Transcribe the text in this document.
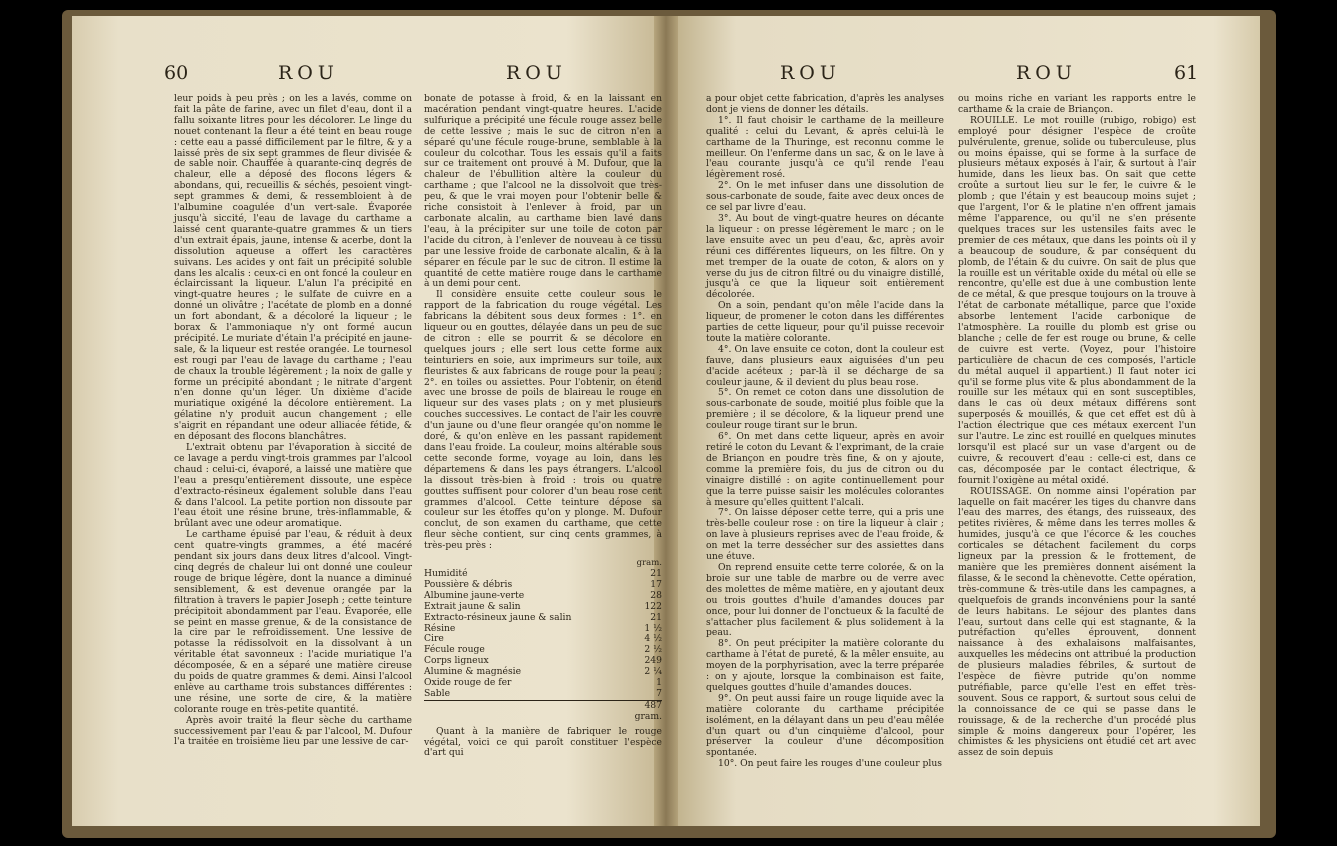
60	ROU	ROU

leur poids à peu près ; on les a lavés, comme on fait la pâte de farine, avec un filet d'eau, dont il a fallu soixante litres pour les décolorer. Le linge du nouet contenant la fleur a été teint en beau rouge : cette eau a passé difficilement par le filtre, & y a laissé près de six sept grammes de fleur divisée & de sable noir. Chauffée à quarante-cinq degrés de chaleur, elle a déposé des flocons légers & abondans, qui, recueillis & séchés, pesoient vingt-sept grammes & demi, & ressembloient à de l'albumine coagulée d'un vert-sale. Évaporée jusqu'à siccité, l'eau de lavage du carthame a laissé cent quarante-quatre grammes & un tiers d'un extrait épais, jaune, intense & acerbe, dont la dissolution aqueuse a offert les caractères suivans. Les acides y ont fait un précipité soluble dans les alcalis : ceux-ci en ont foncé la couleur en éclaircissant la liqueur. L'alun l'a précipité en vingt-quatre heures ; le sulfate de cuivre en a donné un olivâtre ; l'acétate de plomb en a donné un fort abondant, & a décoloré la liqueur ; le borax & l'ammoniaque n'y ont formé aucun précipité. Le muriate d'étain l'a précipité en jaune-sale, & la liqueur est restée orangée. Le tournesol est rougi par l'eau de lavage du carthame ; l'eau de chaux la trouble légèrement ; la noix de galle y forme un précipité abondant ; le nitrate d'argent n'en donne qu'un léger. Un dixième d'acide muriatique oxigéné la décolore entièrement. La gélatine n'y produit aucun changement ; elle s'aigrit en répandant une odeur alliacée fétide, & en déposant des flocons blanchâtres.

L'extrait obtenu par l'évaporation à siccité de ce lavage a perdu vingt-trois grammes par l'alcool chaud : celui-ci, évaporé, a laissé une matière que l'eau a presqu'entièrement dissoute, une espèce d'extracto-résineux également soluble dans l'eau & dans l'alcool. La petite portion non dissoute par l'eau étoit une résine brune, très-inflammable, & brûlant avec une odeur aromatique.

Le carthame épuisé par l'eau, & réduit à deux cent quatre-vingts grammes, a été macéré pendant six jours dans deux litres d'alcool. Vingt-cinq degrés de chaleur lui ont donné une couleur rouge de brique légère, dont la nuance a diminué sensiblement, & est devenue orangée par la filtration à travers le papier Joseph ; cette teinture précipitoit abondamment par l'eau. Évaporée, elle se peint en masse grenue, & de la consistance de la cire par le refroidissement. Une lessive de potasse la rédissolvoit en la dissolvant à un véritable état savonneux : l'acide muriatique l'a décomposée, & en a séparé une matière cireuse du poids de quatre grammes & demi. Ainsi l'alcool enlève au carthame trois substances différentes : une résine, une sorte de cire, & la matière colorante rouge en très-petite quantité.

Après avoir traité la fleur sèche du carthame successivement par l'eau & par l'alcool, M. Dufour l'a traitée en troisième lieu par une lessive de car-

bonate de potasse à froid, & en la laissant en macération pendant vingt-quatre heures. L'acide sulfurique a précipité une fécule rouge assez belle de cette lessive ; mais le suc de citron n'en a séparé qu'une fécule rouge-brune, semblable à la couleur du colcothar. Tous les essais qu'il a faits sur ce traitement ont prouvé à M. Dufour, que la chaleur de l'ébullition altère la couleur du carthame ; que l'alcool ne la dissolvoit que très-peu, & que le vrai moyen pour l'obtenir belle & riche consistoit à l'enlever à froid, par un carbonate alcalin, au carthame bien lavé dans l'eau, à la précipiter sur une toile de coton par l'acide du citron, à l'enlever de nouveau à ce tissu par une lessive froide de carbonate alcalin, & à la séparer en fécule par le suc de citron. Il estime la quantité de cette matière rouge dans le carthame à un demi pour cent.

Il considère ensuite cette couleur sous le rapport de la fabrication du rouge végétal. Les fabricans la débitent sous deux formes : 1°. en liqueur ou en gouttes, délayée dans un peu de suc de citron : elle se pourrit & se décolore en quelques jours ; elle sert lous cette forme aux teinturiers en soie, aux imprimeurs sur toile, aux fleuristes & aux fabricans de rouge pour la peau ; 2°. en toiles ou assiettes. Pour l'obtenir, on étend avec une brosse de poils de blaireau le rouge en liqueur sur des vases plats ; on y met plusieurs couches successives. Le contact de l'air les couvre d'un jaune ou d'une fleur orangée qu'on nomme le doré, & qu'on enlève en les passant rapidement dans l'eau froide. La couleur, moins altérable sous cette seconde forme, voyage au loin, dans les départemens & dans les pays étrangers. L'alcool la dissout très-bien à froid : trois ou quatre gouttes suffisent pour colorer d'un beau rose cent grammes d'alcool. Cette teinture dépose sa couleur sur les étoffes qu'on y plonge. M. Dufour conclut, de son examen du carthame, que cette fleur sèche contient, sur cinq cents grammes, à très-peu près :

	gram.
Humidité	21
Poussière & débris	17
Albumine jaune-verte	28
Extrait jaune & salin	122
Extracto-résineux jaune & salin	21
Résine	1 ½
Cire	4 ½
Fécule rouge	2 ½
Corps ligneux	249
Alumine & magnésie	2 ¼
Oxide rouge de fer	1
Sable	7
	487 gram.

Quant à la manière de fabriquer le rouge végétal, voici ce qui paroît constituer l'espèce d'art qui

ROU	ROU	61

a pour objet cette fabrication, d'après les analyses dont je viens de donner les détails.

1°. Il faut choisir le carthame de la meilleure qualité : celui du Levant, & après celui-là le carthame de la Thuringe, est reconnu comme le meilleur. On l'enferme dans un sac, & on le lave à l'eau courante jusqu'à ce qu'il rende l'eau légèrement rosé.

2°. On le met infuser dans une dissolution de sous-carbonate de soude, faite avec deux onces de ce sel par livre d'eau.

3°. Au bout de vingt-quatre heures on décante la liqueur : on presse légèrement le marc ; on le lave ensuite avec un peu d'eau, &c, après avoir réuni ces différentes liqueurs, on les filtre. On y met tremper de la ouate de coton, & alors on y verse du jus de citron filtré ou du vinaigre distillé, jusqu'à ce que la liqueur soit entièrement décolorée.

On a soin, pendant qu'on mêle l'acide dans la liqueur, de promener le coton dans les différentes parties de cette liqueur, pour qu'il puisse recevoir toute la matière colorante.

4°. On lave ensuite ce coton, dont la couleur est fauve, dans plusieurs eaux aiguisées d'un peu d'acide acéteux ; par-là il se décharge de sa couleur jaune, & il devient du plus beau rose.

5°. On remet ce coton dans une dissolution de sous-carbonate de soude, moitié plus foible que la première ; il se décolore, & la liqueur prend une couleur rouge tirant sur le brun.

6°. On met dans cette liqueur, après en avoir retiré le coton du Levant & l'exprimant, de la craie de Briançon en poudre très fine, & on y ajoute, comme la première fois, du jus de citron ou du vinaigre distillé : on agite continuellement pour que la terre puisse saisir les molécules colorantes à mesure qu'elles quittent l'alcali.

7°. On laisse déposer cette terre, qui a pris une très-belle couleur rose : on tire la liqueur à clair ; on lave à plusieurs reprises avec de l'eau froide, & on met la terre dessécher sur des assiettes dans une étuve.

On reprend ensuite cette terre colorée, & on la broie sur une table de marbre ou de verre avec des molettes de même matière, en y ajoutant deux ou trois gouttes d'huile d'amandes douces par once, pour lui donner de l'onctueux & la faculté de s'attacher plus facilement & plus solidement à la peau.

8°. On peut précipiter la matière colorante du carthame à l'état de pureté, & la mêler ensuite, au moyen de la porphyrisation, avec la terre préparée : on y ajoute, lorsque la combinaison est faite, quelques gouttes d'huile d'amandes douces.

9°. On peut aussi faire un rouge liquide avec la matière colorante du carthame précipitée isolément, en la délayant dans un peu d'eau mêlée d'un quart ou d'un cinquième d'alcool, pour préserver la couleur d'une décomposition spontanée.

10°. On peut faire les rouges d'une couleur plus

ou moins riche en variant les rapports entre le carthame & la craie de Briançon.

ROUILLE. Le mot rouille (rubigo, robigo) est employé pour désigner l'espèce de croûte pulvérulente, grenue, solide ou tuberculeuse, plus ou moins épaisse, qui se forme à la surface de plusieurs métaux exposés à l'air, & surtout à l'air humide, dans les lieux bas. On sait que cette croûte a surtout lieu sur le fer, le cuivre & le plomb ; que l'étain y est beaucoup moins sujet ; que l'argent, l'or & le platine n'en offrent jamais même l'apparence, ou qu'il ne s'en présente quelques traces sur les ustensiles faits avec le premier de ces métaux, que dans les points où il y a beaucoup de soudure, & par conséquent du plomb, de l'étain & du cuivre. On sait de plus que la rouille est un véritable oxide du métal où elle se rencontre, qu'elle est due à une combustion lente de ce métal, & que presque toujours on la trouve à l'état de carbonate métallique, parce que l'oxide absorbe lentement l'acide carbonique de l'atmosphère. La rouille du plomb est grise ou blanche ; celle de fer est rouge ou brune, & celle de cuivre est verte. (Voyez, pour l'histoire particulière de chacun de ces composés, l'article du métal auquel il appartient.) Il faut noter ici qu'il se forme plus vite & plus abondamment de la rouille sur les métaux qui en sont susceptibles, dans le cas où deux métaux différens sont superposés & mouillés, & que cet effet est dû à l'action électrique que ces métaux exercent l'un sur l'autre. Le zinc est rouillé en quelques minutes lorsqu'il est placé sur un vase d'argent ou de cuivre, & recouvert d'eau : celle-ci est, dans ce cas, décomposée par le contact électrique, & fournit l'oxigène au métal oxidé.

ROUISSAGE. On nomme ainsi l'opération par laquelle on fait macérer les tiges du chanvre dans l'eau des marres, des étangs, des ruisseaux, des petites rivières, & même dans les terres molles & humides, jusqu'à ce que l'écorce & les couches corticales se détachent facilement du corps ligneux par la pression & le frottement, de manière que les premières donnent aisément la filasse, & le second la chènevotte. Cette opération, très-commune & très-utile dans les campagnes, a quelquefois de grands inconvéniens pour la santé de leurs habitans. Le séjour des plantes dans l'eau, surtout dans celle qui est stagnante, & la putréfaction qu'elles éprouvent, donnent naissance à des exhalaisons malfaisantes, auxquelles les médecins ont attribué la production de plusieurs maladies fébriles, & surtout de l'espèce de fièvre putride qu'on nomme putréfiable, parce qu'elle l'est en effet très-souvent. Sous ce rapport, & surtout sous celui de la connoissance de ce qui se passe dans le rouissage, & de la recherche d'un procédé plus simple & moins dangereux pour l'opérer, les chimistes & les physiciens ont étudié cet art avec assez de soin depuis
